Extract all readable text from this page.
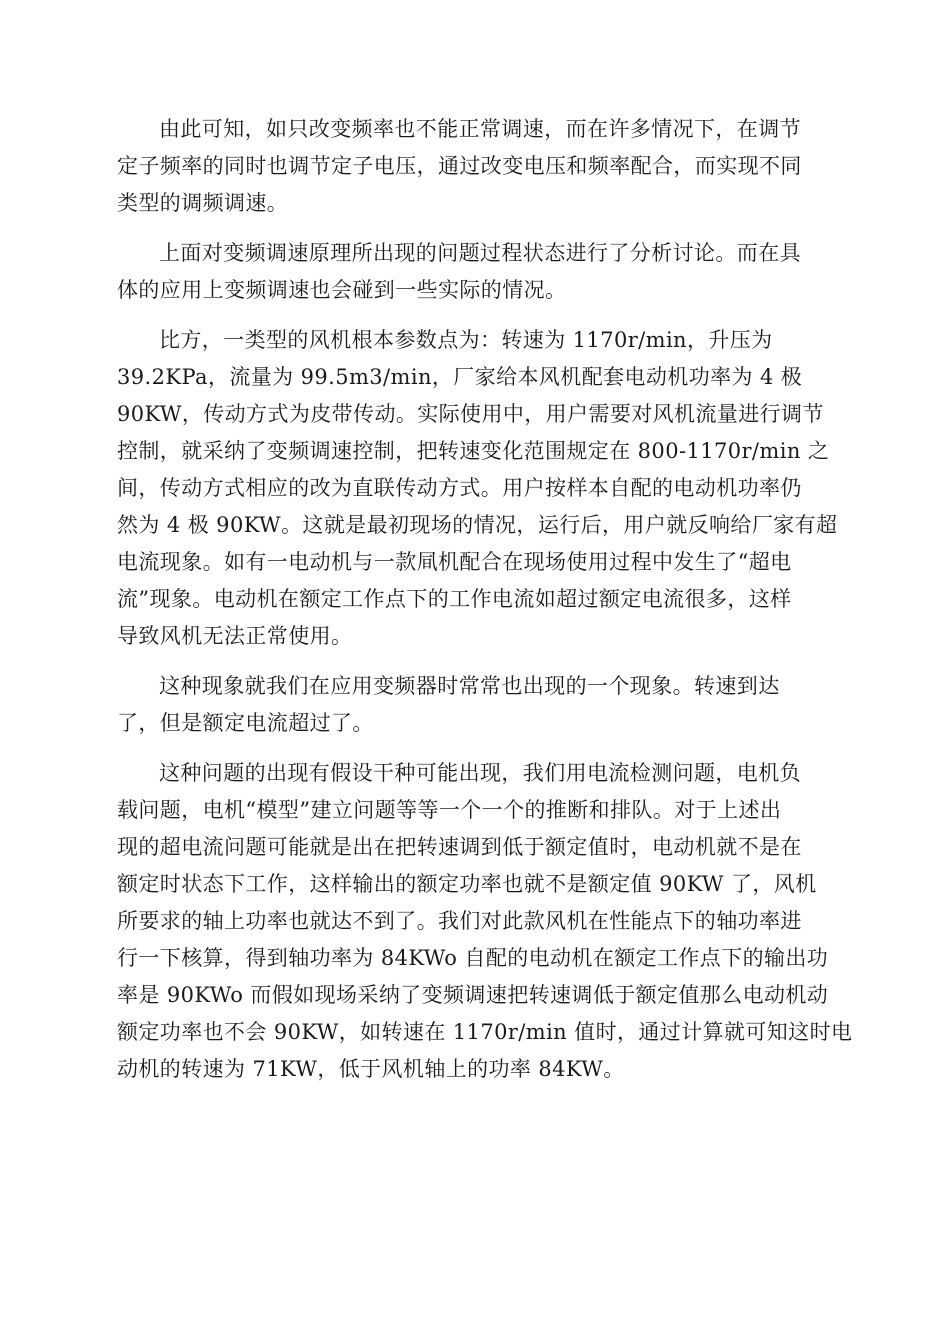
由此可知，如只改变频率也不能正常调速，而在许多情况下，在调节
定子频率的同时也调节定子电压，通过改变电压和频率配合，而实现不同
类型的调频调速。

上面对变频调速原理所出现的问题过程状态进行了分析讨论。而在具
体的应用上变频调速也会碰到一些实际的情况。

比方，一类型的风机根本参数点为：转速为 1170r/min，升压为
39.2KPa，流量为 99.5m3/min，厂家给本风机配套电动机功率为 4 极
90KW，传动方式为皮带传动。实际使用中，用户需要对风机流量进行调节
控制，就采纳了变频调速控制，把转速变化范围规定在 800-1170r/min 之
间，传动方式相应的改为直联传动方式。用户按样本自配的电动机功率仍
然为 4 极 90KW。这就是最初现场的情况，运行后，用户就反响给厂家有超
电流现象。如有一电动机与一款凬机配合在现场使用过程中发生了“超电
流”现象。电动机在额定工作点下的工作电流如超过额定电流很多，这样
导致风机无法正常使用。

这种现象就我们在应用变频器时常常也出现的一个现象。转速到达
了，但是额定电流超过了。

这种问题的出现有假设干种可能出现，我们用电流检测问题，电机负
载问题，电机“模型”建立问题等等一个一个的推断和排队。对于上述出
现的超电流问题可能就是出在把转速调到低于额定值时，电动机就不是在
额定时状态下工作，这样输出的额定功率也就不是额定值 90KW 了，风机
所要求的轴上功率也就达不到了。我们对此款风机在性能点下的轴功率进
行一下核算，得到轴功率为 84KWo 自配的电动机在额定工作点下的输出功
率是 90KWo 而假如现场采纳了变频调速把转速调低于额定值那么电动机动
额定功率也不会 90KW，如转速在 1170r/min 值时，通过计算就可知这时电
动机的转速为 71KW，低于风机轴上的功率 84KW。
